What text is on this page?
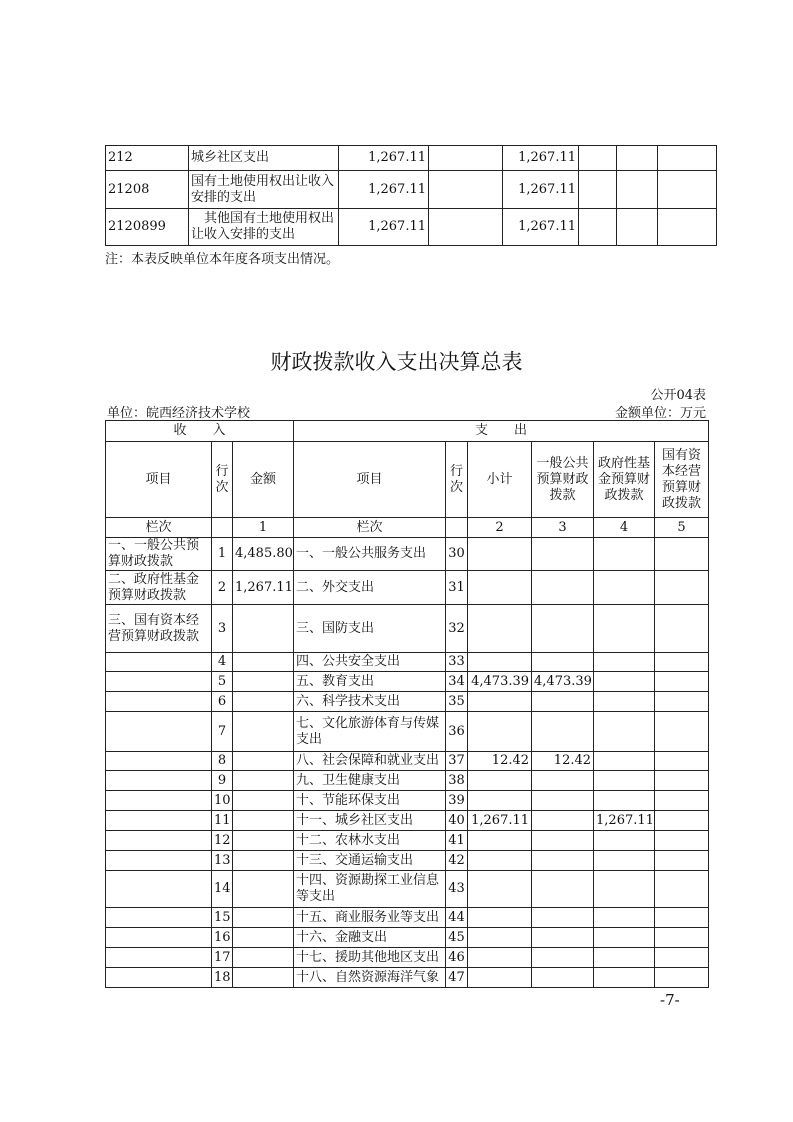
212	城乡社区支出	1,267.11		1,267.11			
21208	国有土地使用权出让收入安排的支出	1,267.11		1,267.11			
2120899	　其他国有土地使用权出让收入安排的支出	1,267.11		1,267.11			
注：本表反映单位本年度各项支出情况。
财政拨款收入支出决算总表
公开04表
单位：皖西经济技术学校	金额单位：万元
收　　入			支　　出					
项目	行次	金额	项目	行次	小计	一般公共预算财政拨款	政府性基金预算财政拨款	国有资本经营预算财政拨款
栏次		1	栏次		2	3	4	5
一、一般公共预算财政拨款	1	4,485.80	一、一般公共服务支出	30				
二、政府性基金预算财政拨款	2	1,267.11	二、外交支出	31				
三、国有资本经营预算财政拨款	3		三、国防支出	32				
	4		四、公共安全支出	33				
	5		五、教育支出	34	4,473.39	4,473.39		
	6		六、科学技术支出	35				
	7		七、文化旅游体育与传媒支出	36				
	8		八、社会保障和就业支出	37	12.42	12.42		
	9		九、卫生健康支出	38				
	10		十、节能环保支出	39				
	11		十一、城乡社区支出	40	1,267.11		1,267.11	
	12		十二、农林水支出	41				
	13		十三、交通运输支出	42				
	14		十四、资源勘探工业信息等支出	43				
	15		十五、商业服务业等支出	44				
	16		十六、金融支出	45				
	17		十七、援助其他地区支出	46				
	18		十八、自然资源海洋气象	47				
-7-
